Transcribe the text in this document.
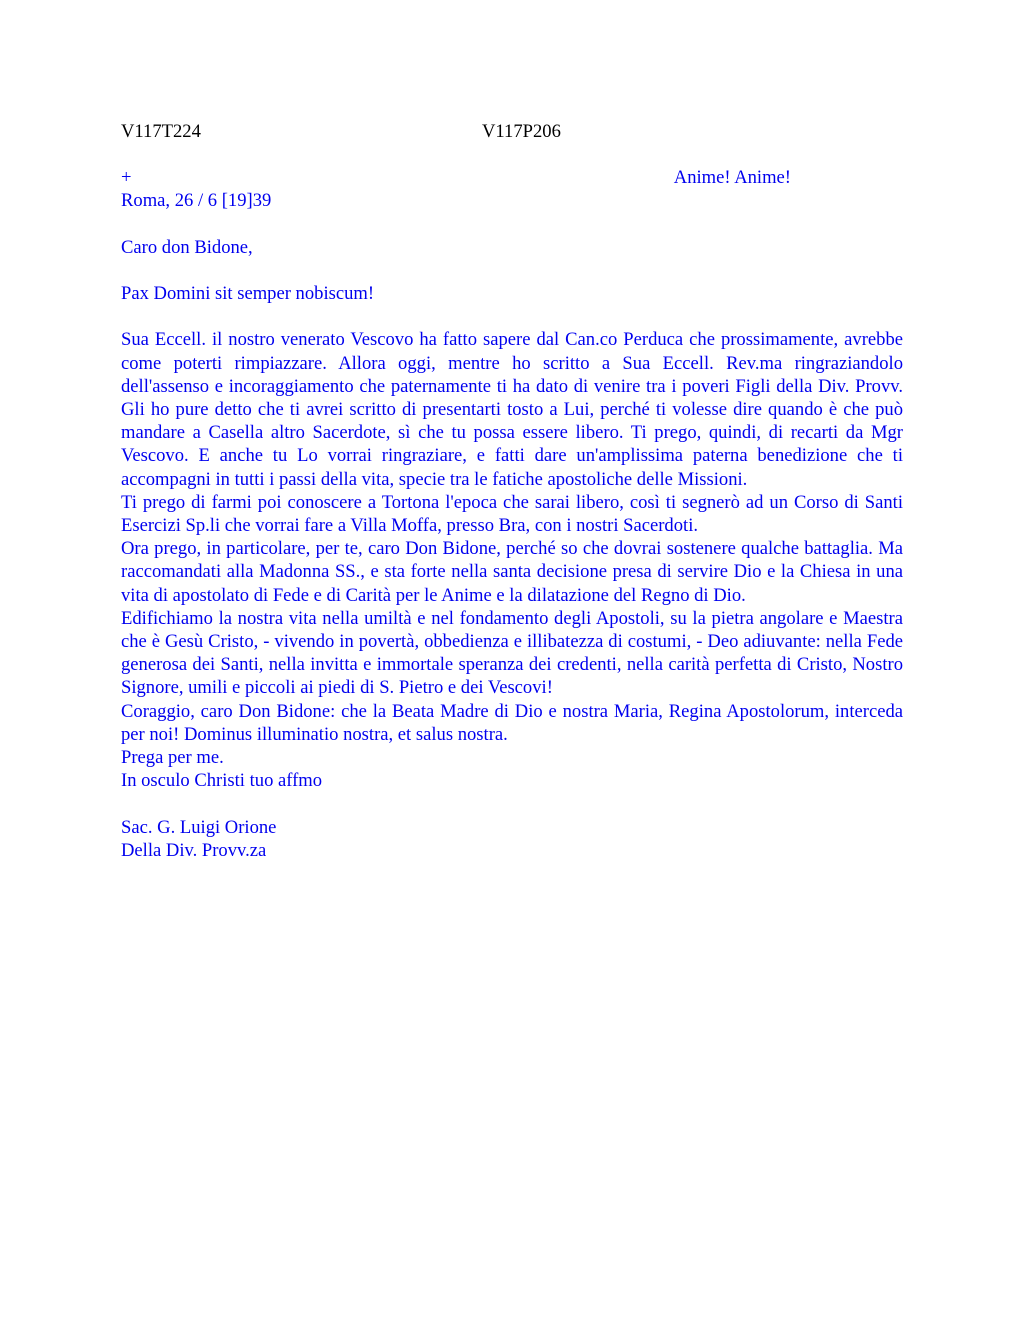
V117T224	V117P206
+	Anime! Anime!

Roma, 26 / 6 [19]39

Caro don Bidone,

Pax Domini sit semper nobiscum!

Sua Eccell. il nostro venerato Vescovo ha fatto sapere dal Can.co Perduca che prossimamente, avrebbe come poterti rimpiazzare. Allora oggi, mentre ho scritto a Sua Eccell. Rev.ma ringraziandolo dell'assenso e incoraggiamento che paternamente ti ha dato di venire tra i poveri Figli della Div. Provv. Gli ho pure detto che ti avrei scritto di presentarti tosto a Lui, perché ti volesse dire quando è che può mandare a Casella altro Sacerdote, sì che tu possa essere libero. Ti prego, quindi, di recarti da Mgr Vescovo. E anche tu Lo vorrai ringraziare, e fatti dare un'amplissima paterna benedizione che ti accompagni in tutti i passi della vita, specie tra le fatiche apostoliche delle Missioni.

Ti prego di farmi poi conoscere a Tortona l'epoca che sarai libero, così ti segnerò ad un Corso di Santi Esercizi Sp.li che vorrai fare a Villa Moffa, presso Bra, con i nostri Sacerdoti.

Ora prego, in particolare, per te, caro Don Bidone, perché so che dovrai sostenere qualche battaglia. Ma raccomandati alla Madonna SS., e sta forte nella santa decisione presa di servire Dio e la Chiesa in una vita di apostolato di Fede e di Carità per le Anime e la dilatazione del Regno di Dio.

Edifichiamo la nostra vita nella umiltà e nel fondamento degli Apostoli, su la pietra angolare e Maestra che è Gesù Cristo, - vivendo in povertà, obbedienza e illibatezza di costumi, - Deo adiuvante: nella Fede generosa dei Santi, nella invitta e immortale speranza dei credenti, nella carità perfetta di Cristo, Nostro Signore, umili e piccoli ai piedi di S. Pietro e dei Vescovi!

Coraggio, caro Don Bidone: che la Beata Madre di Dio e nostra Maria, Regina Apostolorum, interceda per noi! Dominus illuminatio nostra, et salus nostra.

Prega per me.

In osculo Christi tuo affmo

Sac. G. Luigi Orione

Della Div. Provv.za
